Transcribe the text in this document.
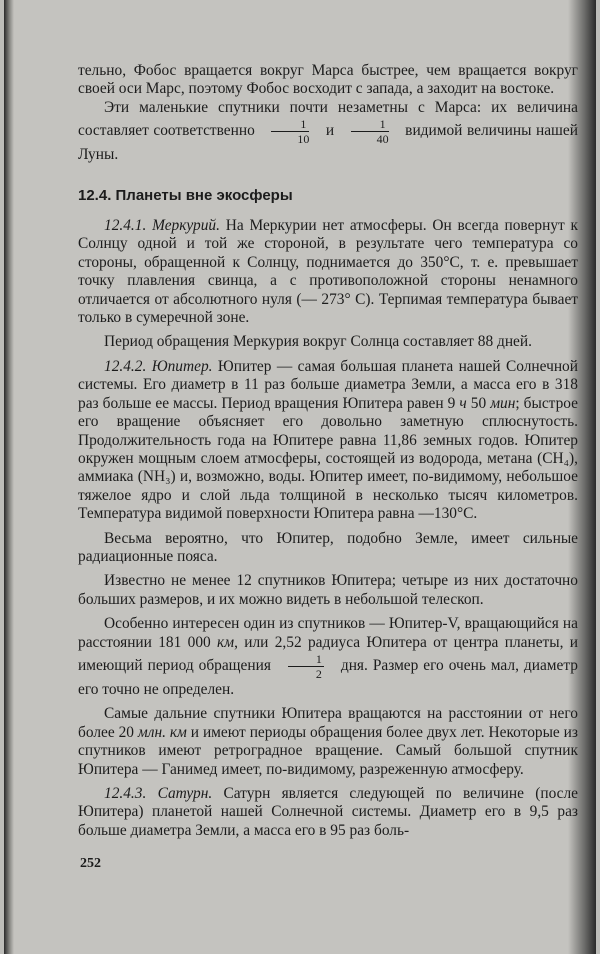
тельно, Фобос вращается вокруг Марса быстрее, чем вращается вокруг своей оси Марс, поэтому Фобос восходит с запада, а заходит на востоке.

Эти маленькие спутники почти незаметны с Марса: их величина составляет соответственно $\frac{1}{10}$ и $\frac{1}{40}$ видимой величины нашей Луны.

12.4. Планеты вне экосферы

12.4.1. Меркурий. На Меркурии нет атмосферы. Он всегда повернут к Солнцу одной и той же стороной, в результате чего температура со стороны, обращенной к Солнцу, поднимается до 350°С, т. е. превышает точку плавления свинца, а с противоположной стороны ненамного отличается от абсолютного нуля (— 273° С). Терпимая температура бывает только в сумеречной зоне.

Период обращения Меркурия вокруг Солнца составляет 88 дней.

12.4.2. Юпитер. Юпитер — самая большая планета нашей Солнечной системы. Его диаметр в 11 раз больше диаметра Земли, а масса его в 318 раз больше ее массы. Период вращения Юпитера равен 9 ч 50 мин; быстрое его вращение объясняет его довольно заметную сплюснутость. Продолжительность года на Юпитере равна 11,86 земных годов. Юпитер окружен мощным слоем атмосферы, состоящей из водорода, метана (CH₄), аммиака (NH₃) и, возможно, воды. Юпитер имеет, по-видимому, небольшое тяжелое ядро и слой льда толщиной в несколько тысяч километров. Температура видимой поверхности Юпитера равна —130°С.

Весьма вероятно, что Юпитер, подобно Земле, имеет сильные радиационные пояса.

Известно не менее 12 спутников Юпитера; четыре из них достаточно больших размеров, и их можно видеть в небольшой телескоп.

Особенно интересен один из спутников — Юпитер-V, вращающийся на расстоянии 181 000 км, или 2,52 радиуса Юпитера от центра планеты, и имеющий период обращения $\frac{1}{2}$ дня. Размер его очень мал, диаметр его точно не определен.

Самые дальние спутники Юпитера вращаются на расстоянии от него более 20 млн. км и имеют периоды обращения более двух лет. Некоторые из спутников имеют ретроградное вращение. Самый большой спутник Юпитера — Ганимед имеет, по-видимому, разреженную атмосферу.

12.4.3. Сатурн. Сатурн является следующей по величине (после Юпитера) планетой нашей Солнечной системы. Диаметр его в 9,5 раз больше диаметра Земли, а масса его в 95 раз боль-

252
